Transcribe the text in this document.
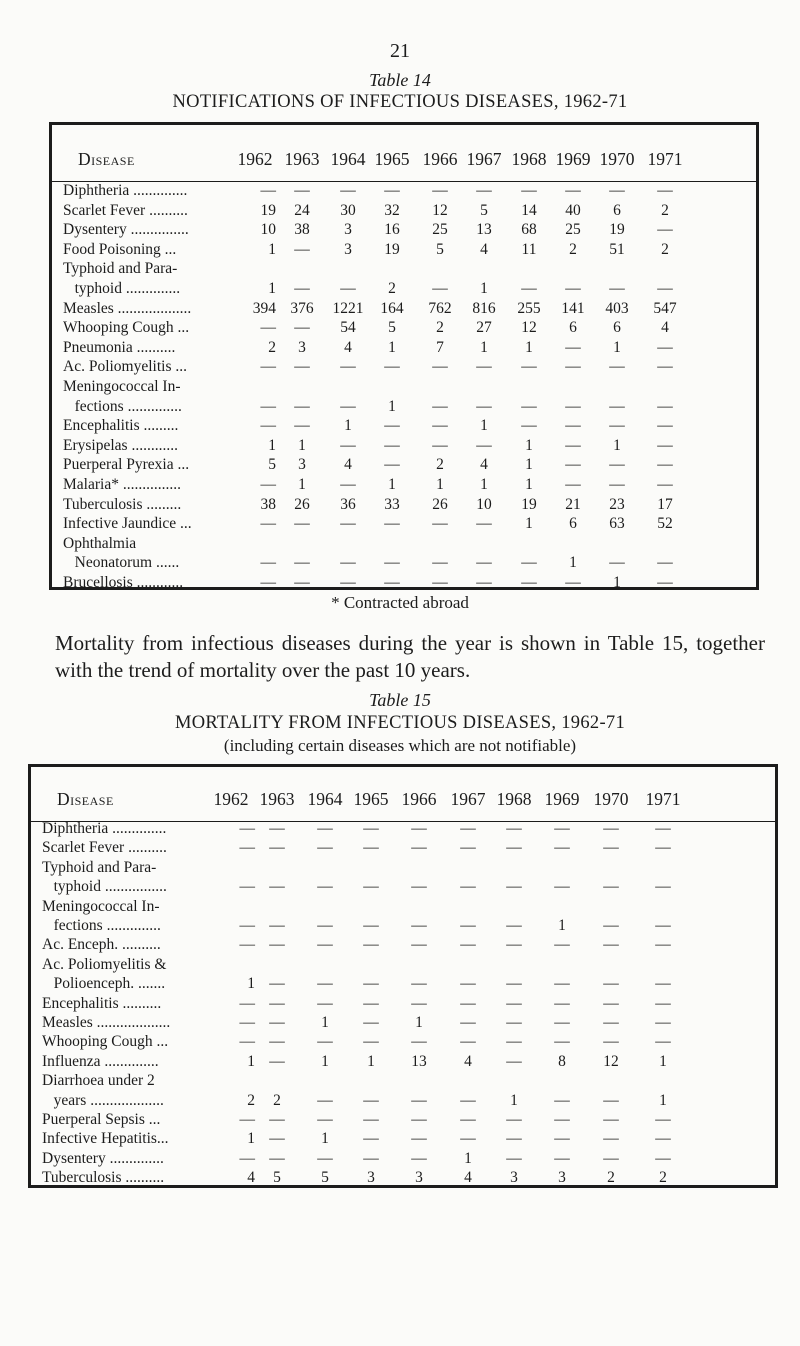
21
Table 14
NOTIFICATIONS OF INFECTIOUS DISEASES, 1962-71
Disease	1962 1963 1964 1965 1966 1967 1968 1969 1970 1971
Diphtheria ..............	—	—	—	—	—	—	—	—	—	—
Scarlet Fever ..........	19	24	30	32	12	5	14	40	6	2
Dysentery ...............	10	38	3	16	25	13	68	25	19	—
Food Poisoning ...	1	—	3	19	5	4	11	2	51	2
Typhoid and Para-
typhoid ..............	1	—	—	2	—	1	—	—	—	—
Measles ...................	394 376	1221	164	762	816	255	141	403	547
Whooping Cough ...	—	—	54	5	2	27	12	6	6	4
Pneumonia ..........	2	3	4	1	7	1	1	—	1	—
Ac. Poliomyelitis ...	—	—	—	—	—	—	—	—	—	—
Meningococcal In-
fections ..............	—	—	—	1	—	—	—	—	—	—
Encephalitis .........	—	—	1	—	—	1	—	—	—	—
Erysipelas ............	1	1	—	—	—	—	1	—	1	—
Puerperal Pyrexia ...	5	3	4	—	2	4	1	—	—	—
Malaria* ...............	—	1	—	1	1	1	1	—	—	—
Tuberculosis .........	38	26	36	33	26	10	19	21	23	17
Infective Jaundice ...	—	—	—	—	—	—	1	6	63	52
Ophthalmia
Neonatorum ......	—	—	—	—	—	—	—	1	—	—
Brucellosis ............	—	—	—	—	—	—	—	—	1	—
* Contracted abroad
Mortality from infectious diseases during the year is shown in Table 15, together with the trend of mortality over the past 10 years.
Table 15
MORTALITY FROM INFECTIOUS DISEASES, 1962-71
(including certain diseases which are not notifiable)
Disease	1962 1963 1964 1965 1966 1967 1968 1969 1970 1971
Diphtheria ..............	— —	—	—	—	—	—	—	—	—
Scarlet Fever ..........	— —	—	—	—	—	—	—	—	—
Typhoid and Para-
typhoid ................	— —	—	—	—	—	—	—	—	—
Meningococcal In-
fections ..............	— —	—	—	—	—	—	1	—	—
Ac. Enceph. ..........	— —	—	—	—	—	—	—	—	—
Ac. Poliomyelitis &
Polioenceph. .......	1 —	—	—	—	—	—	—	—	—
Encephalitis ..........	— —	—	—	—	—	—	—	—	—
Measles ...................	— —	1	—	1	—	—	—	—	—
Whooping Cough ...	— —	—	—	—	—	—	—	—	—
Influenza ..............	1 —	1	1	13	4	—	8	12	1
Diarrhoea under 2
years ...................	2	2	—	—	—	—	1	—	—	1
Puerperal Sepsis ...	— —	—	—	—	—	—	—	—	—
Infective Hepatitis...	1 —	1	—	—	—	—	—	—	—
Dysentery ..............	— —	—	—	—	1	—	—	—	—
Tuberculosis ..........	4	5	5	3	3	4	3	3	2	2
